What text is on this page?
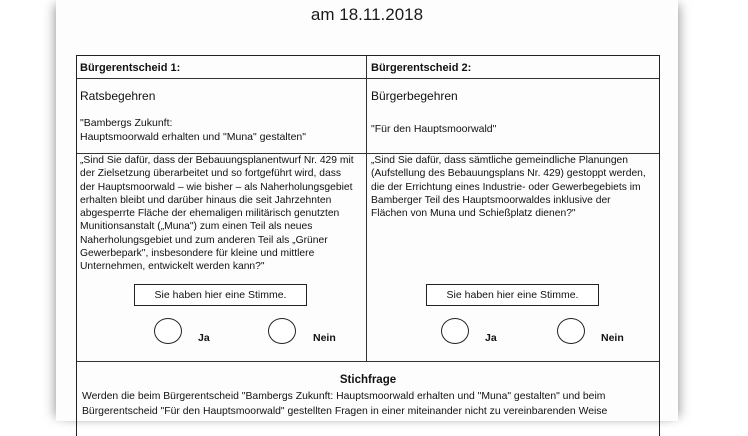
am 18.11.2018
Bürgerentscheid 1:
Ratsbegehren
"Bambergs Zukunft:
Hauptsmoorwald erhalten und "Muna" gestalten"
„Sind Sie dafür, dass der Bebauungsplanentwurf Nr. 429 mit
der Zielsetzung überarbeitet und so fortgeführt wird, dass
der Hauptsmoorwald – wie bisher – als Naherholungsgebiet
erhalten bleibt und darüber hinaus die seit Jahrzehnten
abgesperrte Fläche der ehemaligen militärisch genutzten
Munitionsanstalt („Muna") zum einen Teil als neues
Naherholungsgebiet und zum anderen Teil als „Grüner
Gewerbepark", insbesondere für kleine und mittlere
Unternehmen, entwickelt werden kann?"
Sie haben hier eine Stimme.
Ja	Nein
Bürgerentscheid 2:
Bürgerbegehren
"Für den Hauptsmoorwald"
„Sind Sie dafür, dass sämtliche gemeindliche Planungen
(Aufstellung des Bebauungsplans Nr. 429) gestoppt werden,
die der Errichtung eines Industrie- oder Gewerbegebiets im
Bamberger Teil des Hauptsmoorwaldes inklusive der
Flächen von Muna und Schießplatz dienen?"
Sie haben hier eine Stimme.
Ja	Nein
Stichfrage
Werden die beim Bürgerentscheid "Bambergs Zukunft: Hauptsmoorwald erhalten und "Muna" gestalten" und beim
Bürgerentscheid "Für den Hauptsmoorwald" gestellten Fragen in einer miteinander nicht zu vereinbarenden Weise
